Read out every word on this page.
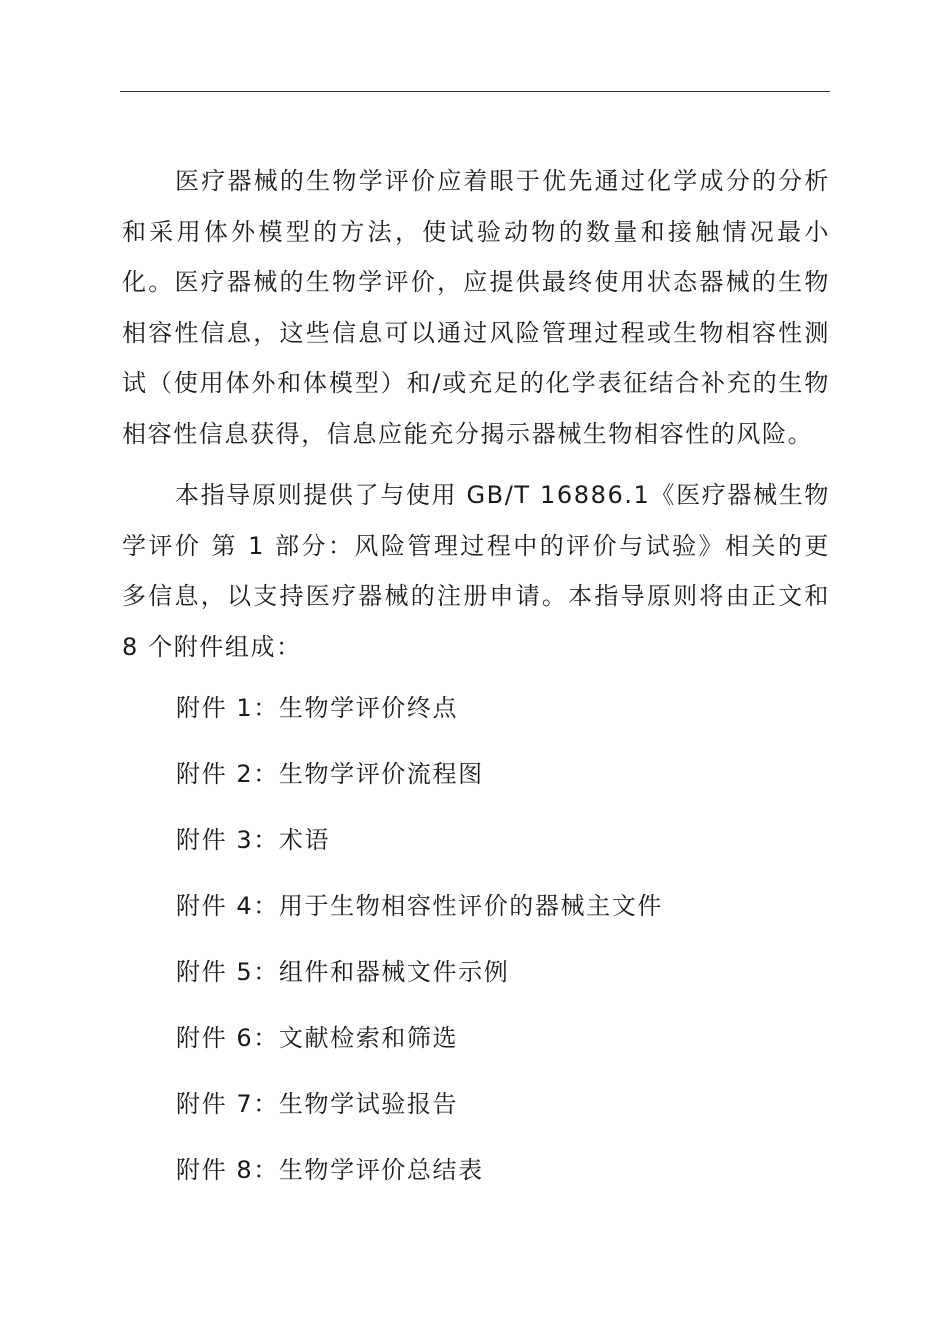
医疗器械的生物学评价应着眼于优先通过化学成分的分析和采用体外模型的方法，使试验动物的数量和接触情况最小化。医疗器械的生物学评价，应提供最终使用状态器械的生物相容性信息，这些信息可以通过风险管理过程或生物相容性测试（使用体外和体模型）和/或充足的化学表征结合补充的生物相容性信息获得，信息应能充分揭示器械生物相容性的风险。

本指导原则提供了与使用 GB/T 16886.1《医疗器械生物学评价 第 1 部分：风险管理过程中的评价与试验》相关的更多信息，以支持医疗器械的注册申请。本指导原则将由正文和 8 个附件组成：

附件 1：生物学评价终点
附件 2：生物学评价流程图
附件 3：术语
附件 4：用于生物相容性评价的器械主文件
附件 5：组件和器械文件示例
附件 6：文献检索和筛选
附件 7：生物学试验报告
附件 8：生物学评价总结表
